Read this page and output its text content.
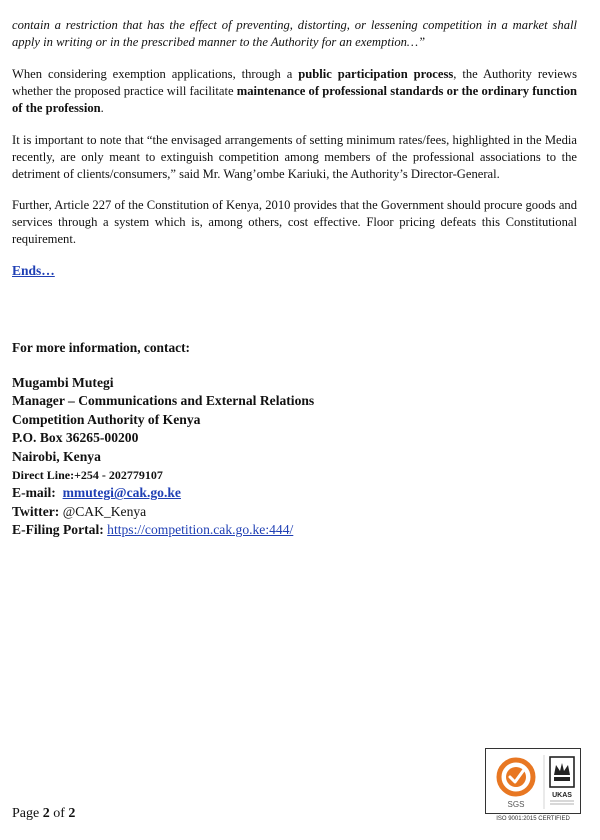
contain a restriction that has the effect of preventing, distorting, or lessening competition in a market shall apply in writing or in the prescribed manner to the Authority for an exemption…”

When considering exemption applications, through a public participation process, the Authority reviews whether the proposed practice will facilitate maintenance of professional standards or the ordinary function of the profession.

It is important to note that “the envisaged arrangements of setting minimum rates/fees, highlighted in the Media recently, are only meant to extinguish competition among members of the professional associations to the detriment of clients/consumers,” said Mr. Wang’ombe Kariuki, the Authority’s Director-General.

Further, Article 227 of the Constitution of Kenya, 2010 provides that the Government should procure goods and services through a system which is, among others, cost effective. Floor pricing defeats this Constitutional requirement.

Ends…
For more information, contact:
Mugambi Mutegi
Manager – Communications and External Relations
Competition Authority of Kenya
P.O. Box 36265-00200
Nairobi, Kenya
Direct Line:+254 - 202779107
E-mail: mmutegi@cak.go.ke
Twitter: @CAK_Kenya
E-Filing Portal: https://competition.cak.go.ke:444/
Page 2 of 2
SGS
UKAS
ISO 9001:2015 CERTIFIED
